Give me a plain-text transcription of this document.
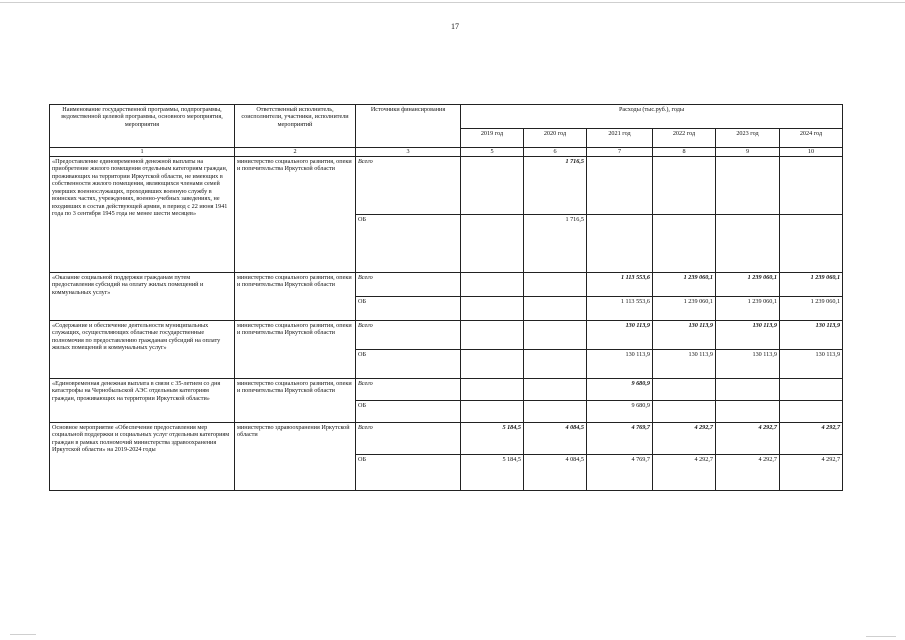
17
Наименование государственной программы, подпрограммы, ведомственной целевой программы, основного мероприятия, мероприятия	Ответственный исполнитель, соисполнители, участники, исполнители мероприятий	Источники финансирования	Расходы (тыс.руб.), годы					
			2019 год	2020 год	2021 год	2022 год	2023 год	2024 год
1	2	3	5	6	7	8	9	10
«Предоставление единовременной денежной выплаты на приобретение жилого помещения отдельным категориям граждан, проживающих на территории Иркутской области, не имеющих в собственности жилого помещения, являющихся членами семей умерших военнослужащих, проходивших военную службу в воинских частях, учреждениях, военно-учебных заведениях, не входивших в состав действующей армии, в период с 22 июня 1941 года по 3 сентября 1945 года не менее шести месяцев»	министерство социального развития, опеки и попечительства Иркутской области	Всего		1 716,5				
		ОБ		1 716,5				
«Оказание социальной поддержки гражданам путем предоставления субсидий на оплату жилых помещений и коммунальных услуг»	министерство социального развития, опеки и попечительства Иркутской области	Всего			1 113 553,6	1 239 060,1	1 239 060,1	1 239 060,1
		ОБ			1 113 553,6	1 239 060,1	1 239 060,1	1 239 060,1
«Содержание и обеспечение деятельности муниципальных служащих, осуществляющих областные государственные полномочия по предоставлению гражданам субсидий на оплату жилых помещений и коммунальных услуг»	министерство социального развития, опеки и попечительства Иркутской области	Всего			130 113,9	130 113,9	130 113,9	130 113,9
		ОБ			130 113,9	130 113,9	130 113,9	130 113,9
«Единовременная денежная выплата в связи с 35-летием со дня катастрофы на Чернобыльской АЭС отдельным категориям граждан, проживающих на территории Иркутской области»	министерство социального развития, опеки и попечительства Иркутской области	Всего			9 680,9			
		ОБ			9 680,9			
Основное мероприятие «Обеспечение предоставления мер социальной поддержки и социальных услуг отдельным категориям граждан в рамках полномочий министерства здравоохранения Иркутской области» на 2019-2024 годы	министерство здравоохранения Иркутской области	Всего	5 184,5	4 084,5	4 769,7	4 292,7	4 292,7	4 292,7
		ОБ	5 184,5	4 084,5	4 769,7	4 292,7	4 292,7	4 292,7
